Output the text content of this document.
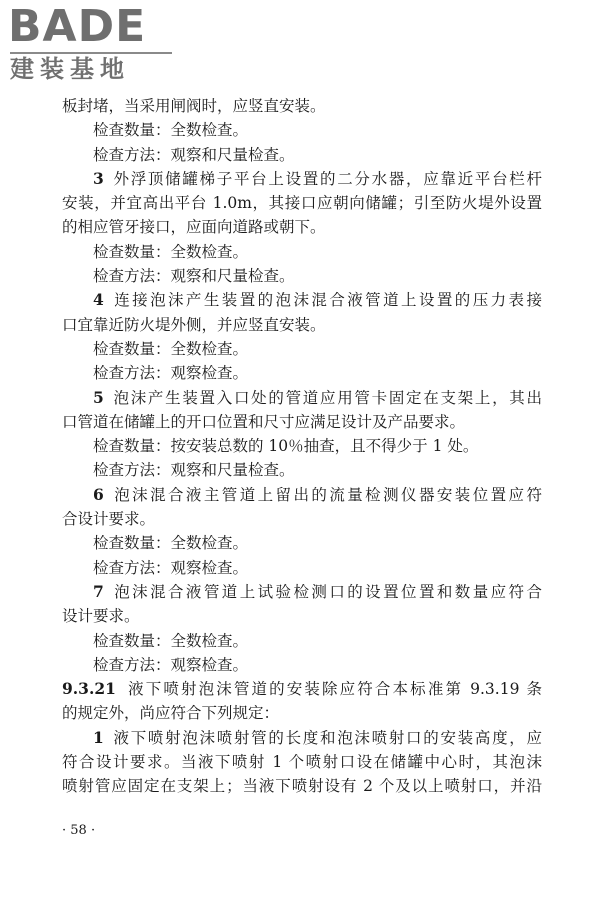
BADE
建装基地
板封堵，当采用闸阀时，应竖直安装。
检查数量：全数检查。
检查方法：观察和尺量检查。
3 外浮顶储罐梯子平台上设置的二分水器，应靠近平台栏杆
安装，并宜高出平台 1.0m，其接口应朝向储罐；引至防火堤外设置
的相应管牙接口，应面向道路或朝下。
检查数量：全数检查。
检查方法：观察和尺量检查。
4 连接泡沫产生装置的泡沫混合液管道上设置的压力表接
口宜靠近防火堤外侧，并应竖直安装。
检查数量：全数检查。
检查方法：观察检查。
5 泡沫产生装置入口处的管道应用管卡固定在支架上，其出
口管道在储罐上的开口位置和尺寸应满足设计及产品要求。
检查数量：按安装总数的 10％抽查，且不得少于 1 处。
检查方法：观察和尺量检查。
6 泡沫混合液主管道上留出的流量检测仪器安装位置应符
合设计要求。
检查数量：全数检查。
检查方法：观察检查。
7 泡沫混合液管道上试验检测口的设置位置和数量应符合
设计要求。
检查数量：全数检查。
检查方法：观察检查。
9.3.21 液下喷射泡沫管道的安装除应符合本标准第 9.3.19 条
的规定外，尚应符合下列规定：
1 液下喷射泡沫喷射管的长度和泡沫喷射口的安装高度，应
符合设计要求。当液下喷射 1 个喷射口设在储罐中心时，其泡沫
喷射管应固定在支架上；当液下喷射设有 2 个及以上喷射口，并沿
· 58 ·
